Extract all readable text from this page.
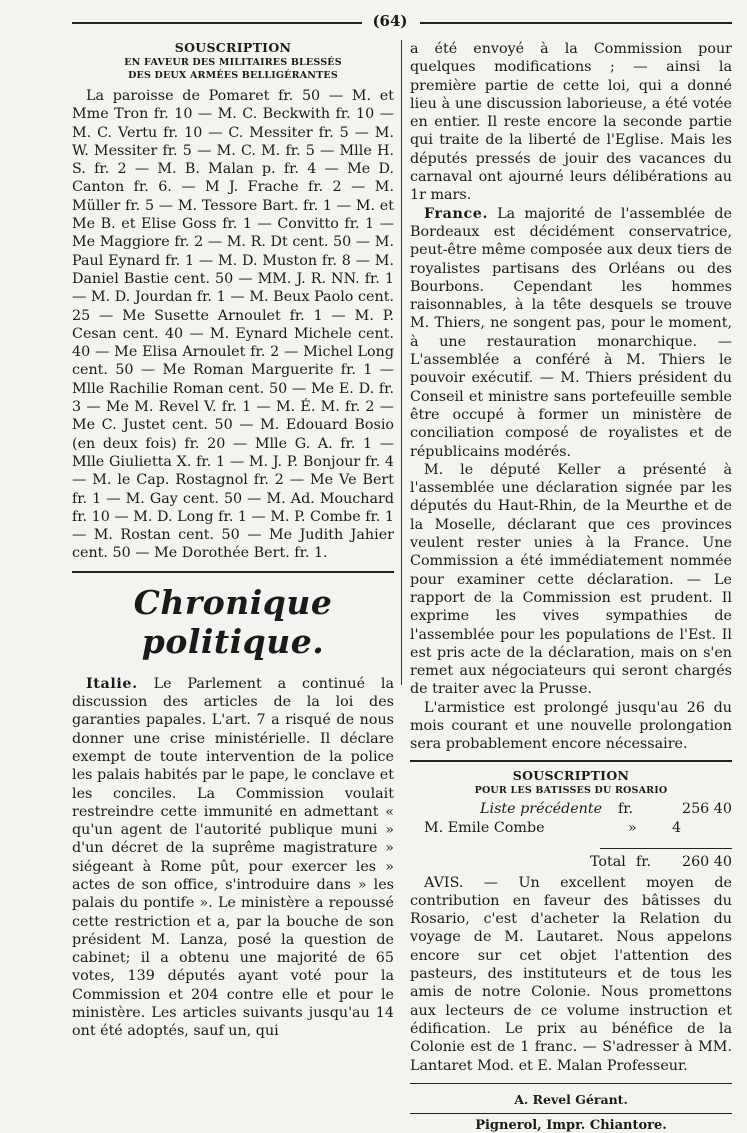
(64)

SOUSCRIPTION

EN FAVEUR DES MILITAIRES BLESSÉS

DES DEUX ARMÉES BELLIGÉRANTES

La paroisse de Pomaret fr. 50 — M. et Mme Tron fr. 10 — M. C. Beckwith fr. 10 — M. C. Vertu fr. 10 — C. Messiter fr. 5 — M. W. Messiter fr. 5 — M. C. M. fr. 5 — Mlle H. S. fr. 2 — M. B. Malan p. fr. 4 — Me D. Canton fr. 6. — M J. Frache fr. 2 — M. Müller fr. 5 — M. Tessore Bart. fr. 1 — M. et Me B. et Elise Goss fr. 1 — Convitto fr. 1 — Me Maggiore fr. 2 — M. R. Dt cent. 50 — M. Paul Eynard fr. 1 — M. D. Muston fr. 8 — M. Daniel Bastie cent. 50 — MM. J. R. NN. fr. 1 — M. D. Jourdan fr. 1 — M. Beux Paolo cent. 25 — Me Susette Arnoulet fr. 1 — M. P. Cesan cent. 40 — M. Eynard Michele cent. 40 — Me Elisa Arnoulet fr. 2 — Michel Long cent. 50 — Me Roman Marguerite fr. 1 — Mlle Rachilie Roman cent. 50 — Me E. D. fr. 3 — Me M. Revel V. fr. 1 — M. É. M. fr. 2 — Me C. Justet cent. 50 — M. Edouard Bosio (en deux fois) fr. 20 — Mlle G. A. fr. 1 — Mlle Giulietta X. fr. 1 — M. J. P. Bonjour fr. 4 — M. le Cap. Rostagnol fr. 2 — Me Ve Bert fr. 1 — M. Gay cent. 50 — M. Ad. Mouchard fr. 10 — M. D. Long fr. 1 — M. P. Combe fr. 1 — M. Rostan cent. 50 — Me Judith Jahier cent. 50 — Me Dorothée Bert. fr. 1.

Chronique politique.

Italie. Le Parlement a continué la discussion des articles de la loi des garanties papales. L'art. 7 a risqué de nous donner une crise ministérielle. Il déclare exempt de toute intervention de la police les palais habités par le pape, le conclave et les conciles. La Commission voulait restreindre cette immunité en admettant « qu'un agent de l'autorité publique muni » d'un décret de la suprême magistrature » siégeant à Rome pût, pour exercer les » actes de son office, s'introduire dans » les palais du pontife ». Le ministère a repoussé cette restriction et a, par la bouche de son président M. Lanza, posé la question de cabinet; il a obtenu une majorité de 65 votes, 139 députés ayant voté pour la Commission et 204 contre elle et pour le ministère. Les articles suivants jusqu'au 14 ont été adoptés, sauf un, qui

a été envoyé à la Commission pour quelques modifications ; — ainsi la première partie de cette loi, qui a donné lieu à une discussion laborieuse, a été votée en entier. Il reste encore la seconde partie qui traite de la liberté de l'Eglise. Mais les députés pressés de jouir des vacances du carnaval ont ajourné leurs délibérations au 1r mars.

France. La majorité de l'assemblée de Bordeaux est décidément conservatrice, peut-être même composée aux deux tiers de royalistes partisans des Orléans ou des Bourbons. Cependant les hommes raisonnables, à la tête desquels se trouve M. Thiers, ne songent pas, pour le moment, à une restauration monarchique. — L'assemblée a conféré à M. Thiers le pouvoir exécutif. — M. Thiers président du Conseil et ministre sans portefeuille semble être occupé à former un ministère de conciliation composé de royalistes et de républicains modérés.

M. le député Keller a présenté à l'assemblée une déclaration signée par les députés du Haut-Rhin, de la Meurthe et de la Moselle, déclarant que ces provinces veulent rester unies à la France. Une Commission a été immédiatement nommée pour examiner cette déclaration. — Le rapport de la Commission est prudent. Il exprime les vives sympathies de l'assemblée pour les populations de l'Est. Il est pris acte de la déclaration, mais on s'en remet aux négociateurs qui seront chargés de traiter avec la Prusse.

L'armistice est prolongé jusqu'au 26 du mois courant et une nouvelle prolongation sera probablement encore nécessaire.

SOUSCRIPTION

POUR LES BATISSES DU ROSARIO

Liste précédente	fr.	256 40
M. Emile Combe	»	4
Total	fr.	260 40

AVIS. — Un excellent moyen de contribution en faveur des bâtisses du Rosario, c'est d'acheter la Relation du voyage de M. Lautaret. Nous appelons encore sur cet objet l'attention des pasteurs, des instituteurs et de tous les amis de notre Colonie. Nous promettons aux lecteurs de ce volume instruction et édification. Le prix au bénéfice de la Colonie est de 1 franc. — S'adresser à MM. Lantaret Mod. et E. Malan Professeur.

A. Revel Gérant.
Pignerol, Impr. Chiantore.
